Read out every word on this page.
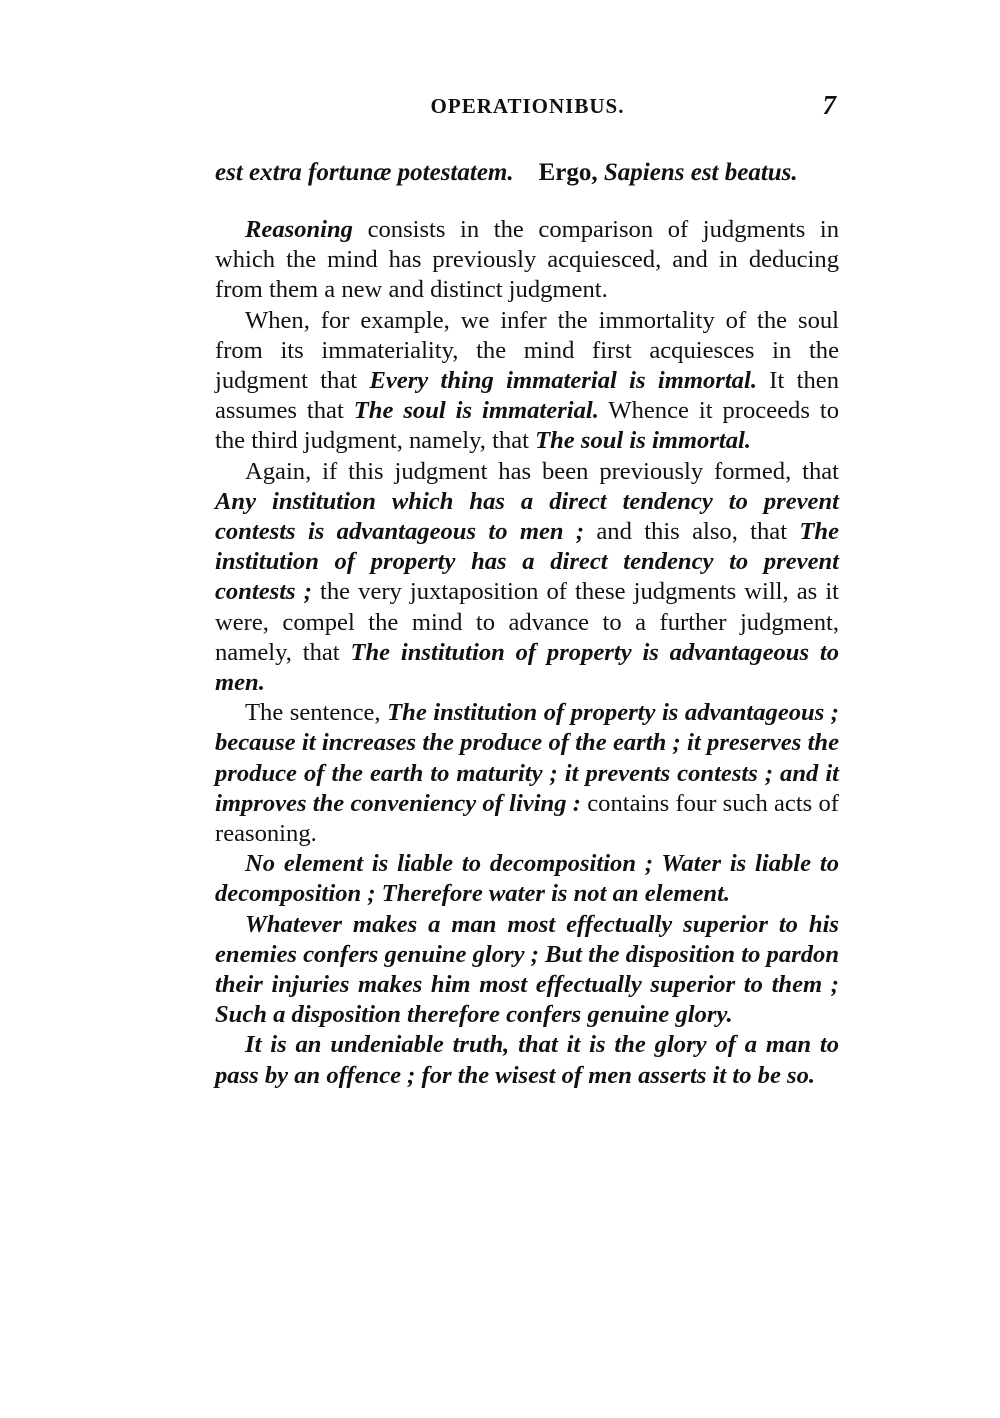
OPERATIONIBUS.	7
est extra fortunæ potestatem. Ergo, Sapiens est beatus.

Reasoning consists in the comparison of judgments in which the mind has previously acquiesced, and in deducing from them a new and distinct judgment.

When, for example, we infer the immortality of the soul from its immateriality, the mind first acquiesces in the judgment that Every thing immaterial is immortal. It then assumes that The soul is immaterial. Whence it proceeds to the third judgment, namely, that The soul is immortal.

Again, if this judgment has been previously formed, that Any institution which has a direct tendency to prevent contests is advantageous to men ; and this also, that The institution of property has a direct tendency to prevent contests ; the very juxtaposition of these judgments will, as it were, compel the mind to advance to a further judgment, namely, that The institution of property is advantageous to men.

The sentence, The institution of property is advantageous ; because it increases the produce of the earth ; it preserves the produce of the earth to maturity ; it prevents contests ; and it improves the conveniency of living : contains four such acts of reasoning.

No element is liable to decomposition ; Water is liable to decomposition ; Therefore water is not an element.

Whatever makes a man most effectually superior to his enemies confers genuine glory ; But the disposition to pardon their injuries makes him most effectually superior to them ; Such a disposition therefore confers genuine glory.

It is an undeniable truth, that it is the glory of a man to pass by an offence ; for the wisest of men asserts it to be so.
